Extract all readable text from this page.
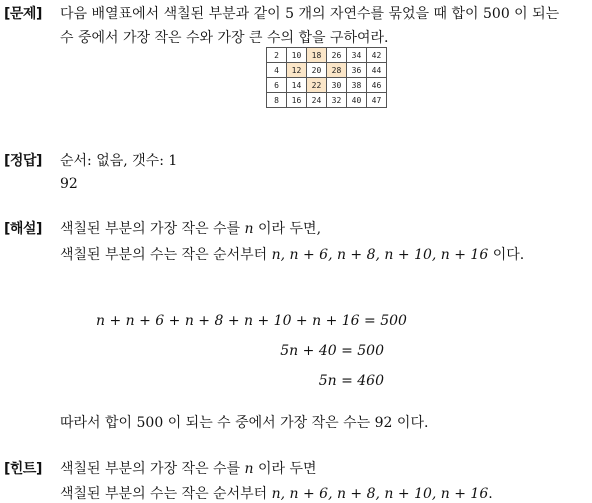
[문제] 다음 배열표에서 색칠된 부분과 같이 5 개의 자연수를 묶었을 때 합이 500 이 되는
수 중에서 가장 작은 수와 가장 큰 수의 합을 구하여라.
2	10	18	26	34	42
4	12	20	28	36	44
6	14	22	30	38	46
8	16	24	32	40	47
[정답] 순서: 없음, 갯수: 1
92
[해설] 색칠된 부분의 가장 작은 수를 n 이라 두면,
색칠된 부분의 수는 작은 순서부터 n, n + 6, n + 8, n + 10, n + 16 이다.
n + n + 6 + n + 8 + n + 10 + n + 16 = 500
5n + 40 = 500
5n = 460
따라서 합이 500 이 되는 수 중에서 가장 작은 수는 92 이다.
[힌트] 색칠된 부분의 가장 작은 수를 n 이라 두면
색칠된 부분의 수는 작은 순서부터 n, n + 6, n + 8, n + 10, n + 16.
